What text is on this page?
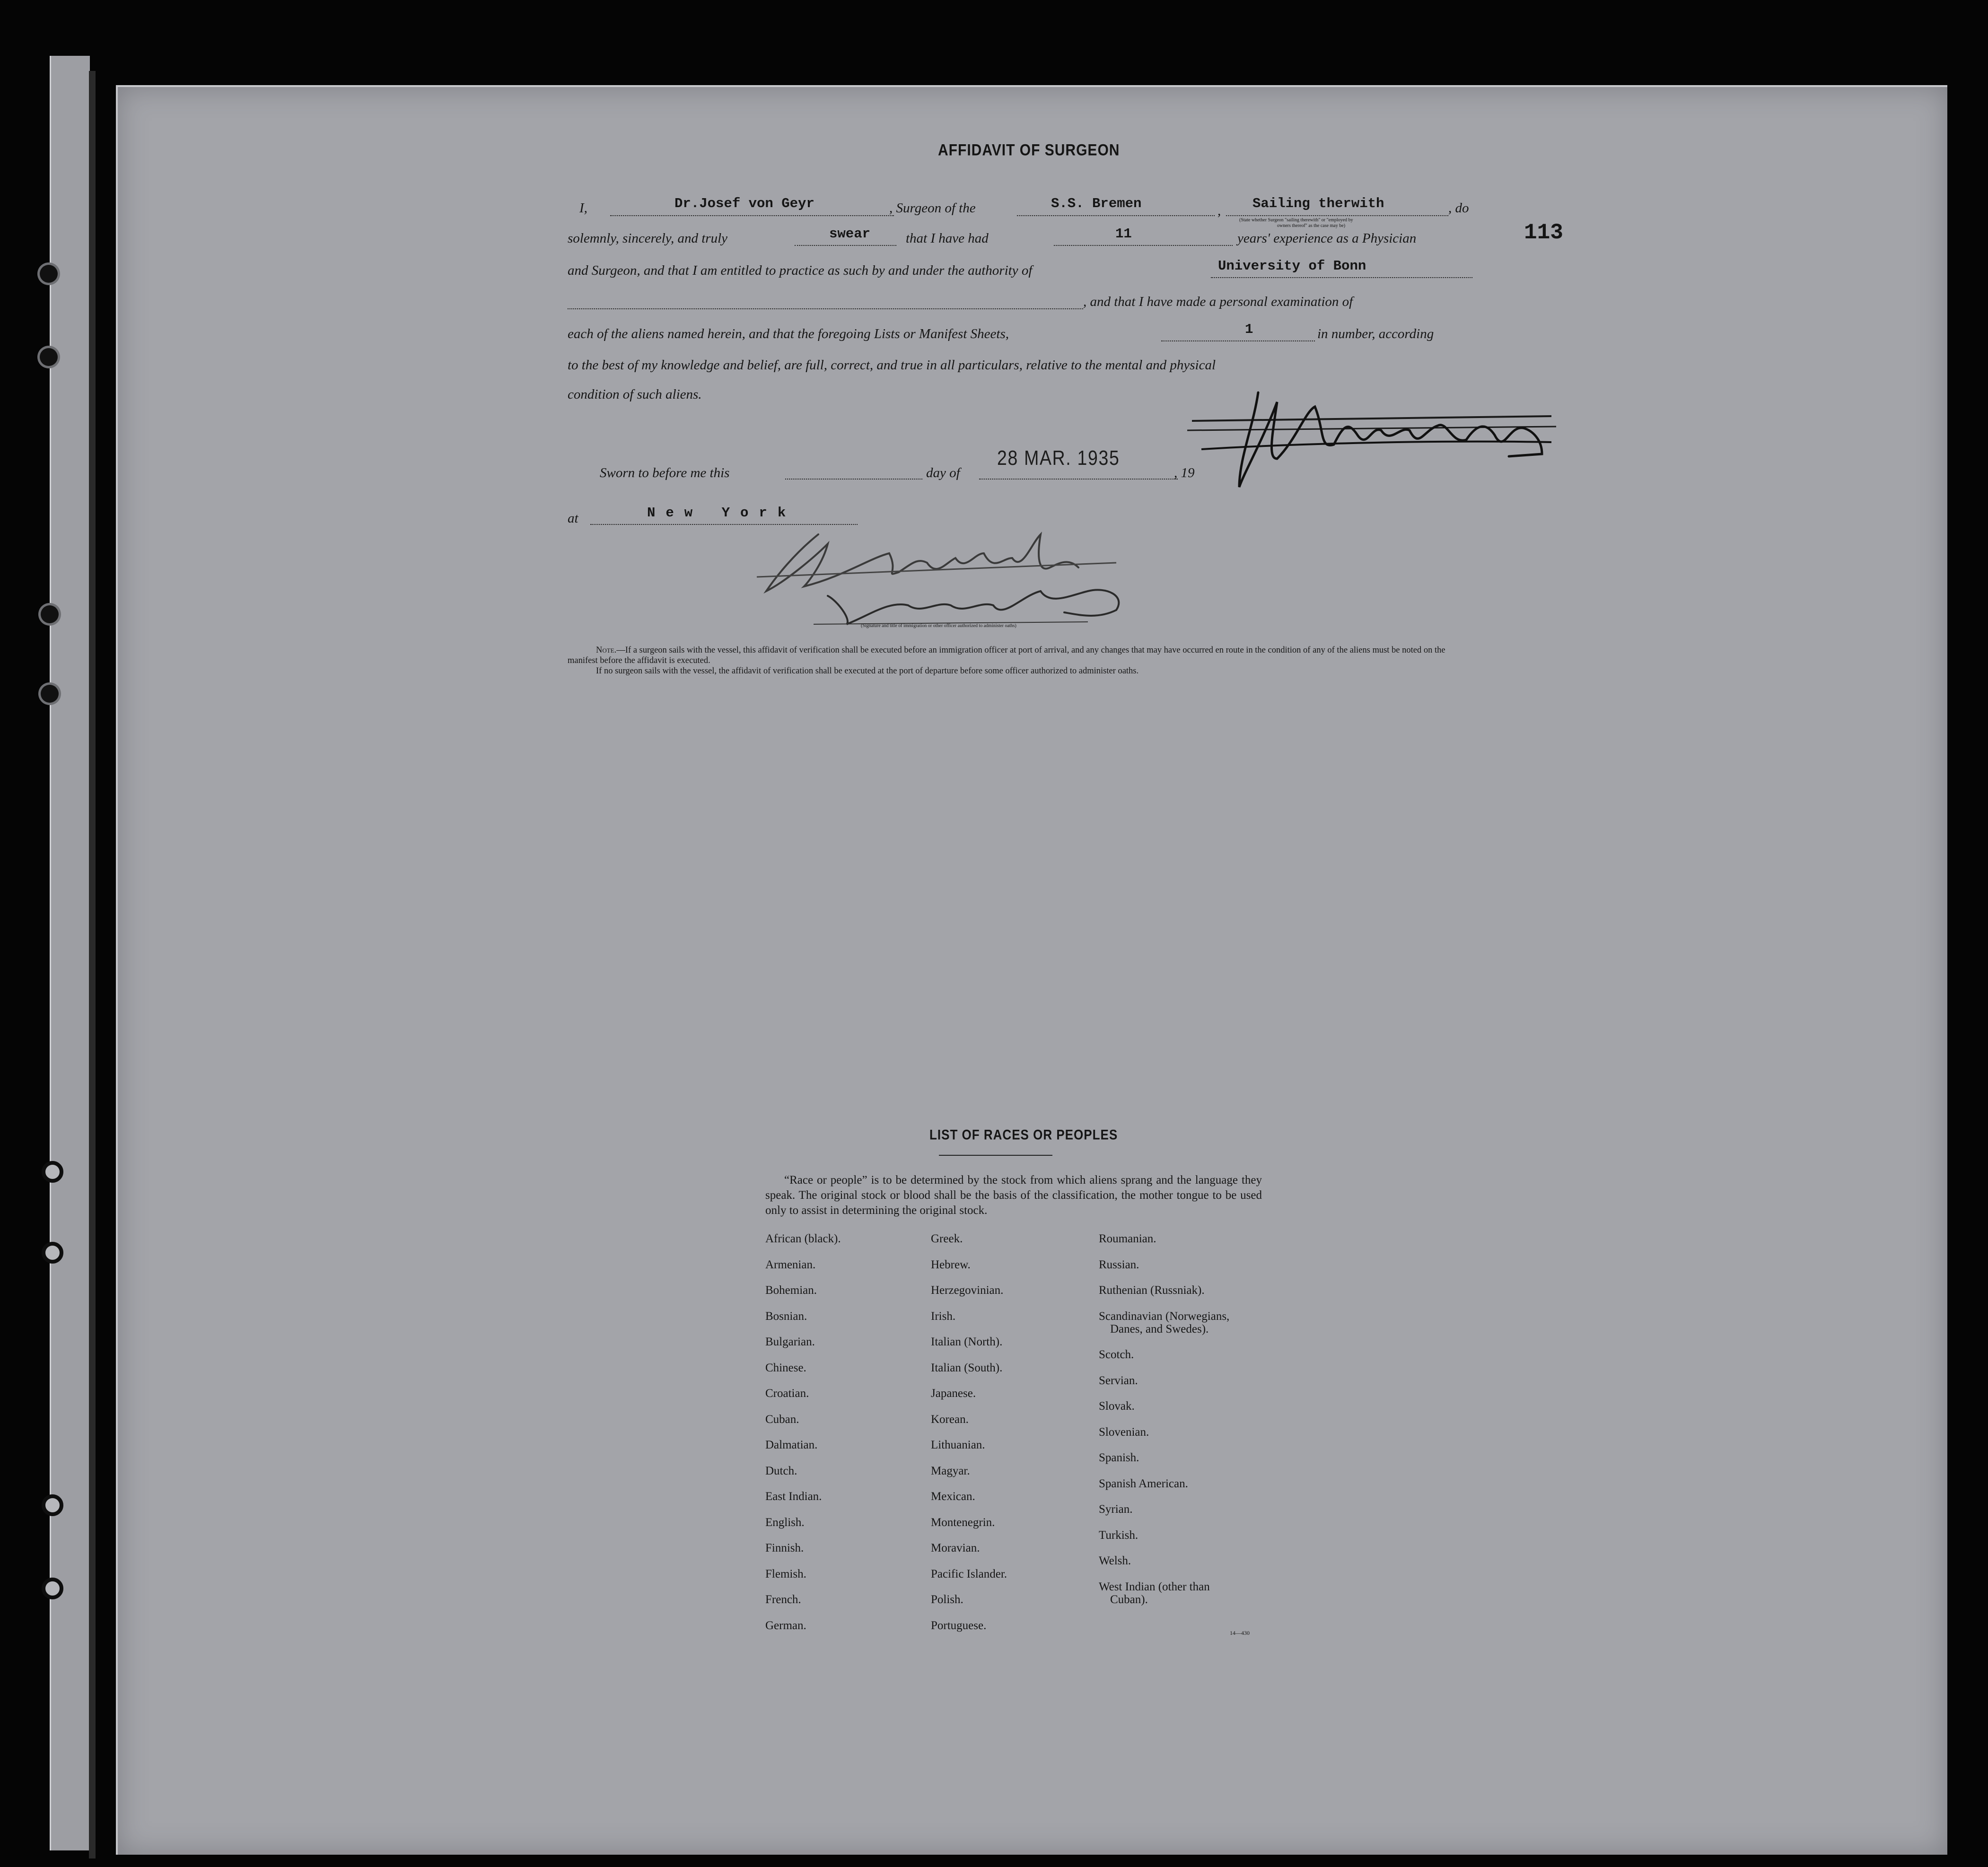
113
AFFIDAVIT OF SURGEON
I,	Dr.Josef von Geyr	, Surgeon of the	S.S. Bremen	, Sailing therwith	, do
(State whether Surgeon "sailing therewith" or "employed by
owners thereof" as the case may be)
solemnly, sincerely, and truly	swear	that I have had	11	years' experience as a Physician
and Surgeon, and that I am entitled to practice as such by and under the authority of	University of Bonn
, and that I have made a personal examination of
each of the aliens named herein, and that the foregoing Lists or Manifest Sheets,	1	in number, according
to the best of my knowledge and belief, are full, correct, and true in all particulars, relative to the mental and physical
condition of such aliens.
Sworn to before me this	day of
28 MAR. 1935
, 19
at	New York
(Signature and title of immigration or other officer authorized to administer oaths)
Note.—If a surgeon sails with the vessel, this affidavit of verification shall be executed before an immigration officer at port of arrival, and any changes that may have occurred en route in the condition of any of the aliens must be noted on the manifest before the affidavit is executed.
If no surgeon sails with the vessel, the affidavit of verification shall be executed at the port of departure before some officer authorized to administer oaths.
LIST OF RACES OR PEOPLES
“Race or people” is to be determined by the stock from which aliens sprang and the language they speak. The original stock or blood shall be the basis of the classification, the mother tongue to be used only to assist in determining the original stock.
African (black).
Armenian.
Bohemian.
Bosnian.
Bulgarian.
Chinese.
Croatian.
Cuban.
Dalmatian.
Dutch.
East Indian.
English.
Finnish.
Flemish.
French.
German.
Greek.
Hebrew.
Herzegovinian.
Irish.
Italian (North).
Italian (South).
Japanese.
Korean.
Lithuanian.
Magyar.
Mexican.
Montenegrin.
Moravian.
Pacific Islander.
Polish.
Portuguese.
Roumanian.
Russian.
Ruthenian (Russniak).
Scandinavian (Norwegians,
Danes, and Swedes).
Scotch.
Servian.
Slovak.
Slovenian.
Spanish.
Spanish American.
Syrian.
Turkish.
Welsh.
West Indian (other than
Cuban).
14—430
